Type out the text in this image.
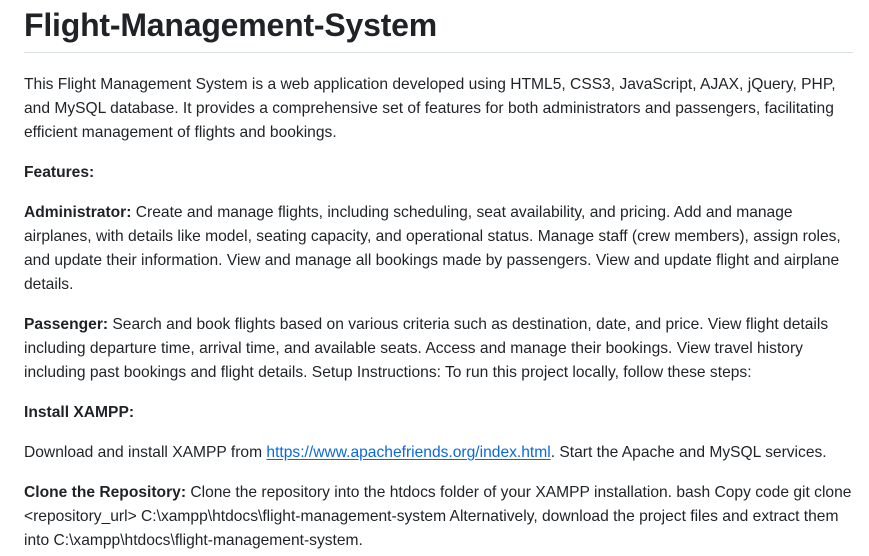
Flight-Management-System

This Flight Management System is a web application developed using HTML5, CSS3, JavaScript, AJAX, jQuery, PHP, and MySQL database. It provides a comprehensive set of features for both administrators and passengers, facilitating efficient management of flights and bookings.

Features:

Administrator: Create and manage flights, including scheduling, seat availability, and pricing. Add and manage airplanes, with details like model, seating capacity, and operational status. Manage staff (crew members), assign roles, and update their information. View and manage all bookings made by passengers. View and update flight and airplane details.

Passenger: Search and book flights based on various criteria such as destination, date, and price. View flight details including departure time, arrival time, and available seats. Access and manage their bookings. View travel history including past bookings and flight details. Setup Instructions: To run this project locally, follow these steps:

Install XAMPP:

Download and install XAMPP from https://www.apachefriends.org/index.html. Start the Apache and MySQL services.

Clone the Repository: Clone the repository into the htdocs folder of your XAMPP installation. bash Copy code git clone <repository_url> C:\xampp\htdocs\flight-management-system Alternatively, download the project files and extract them into C:\xampp\htdocs\flight-management-system.
